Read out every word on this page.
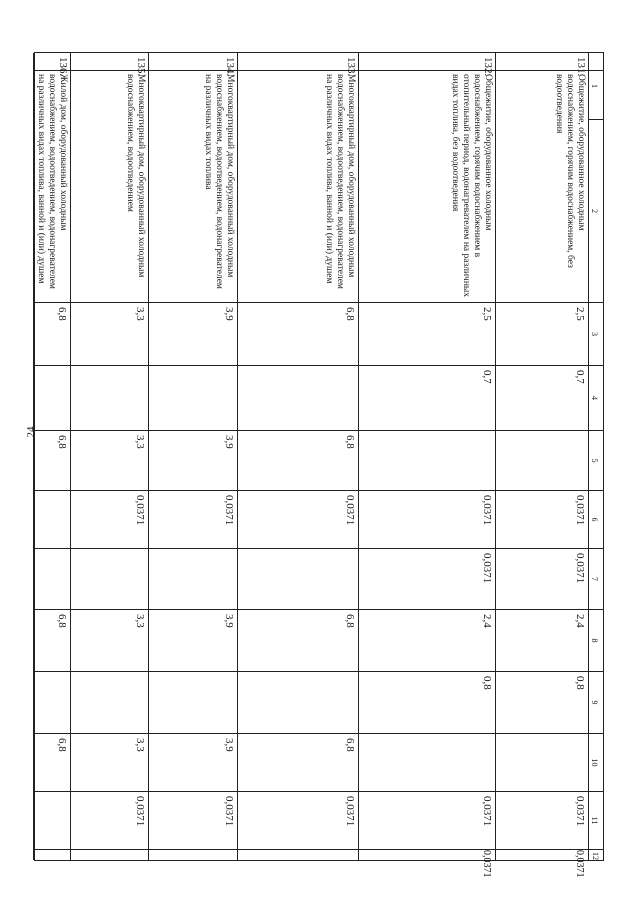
24
1
2
3
4
5
6
7
8
9
10
11
12
131.
Общежитие, оборудованное холодным водоснабжением, горячим водоснабжением, без водоотведения
2,5
0,7
0,0371
0,0371
2,4
0,8
0,0371
0,0371
132.
Общежитие, оборудованное холодным водоснабжением, горячим водоснабжением в отопительный период, водонагревателем на различных видах топлива, без водоотведения
2,5
0,7
0,0371
0,0371
2,4
0,8
0,0371
0,0371
133.
Многоквартирный дом, оборудованный холодным водоснабжением, водоотведением, водонагревателем на различных видах топлива, ванной и (или) душем
6,8
6,8
0,0371
6,8
6,8
0,0371
134.
Многоквартирный дом, оборудованный холодным водоснабжением, водоотведением, водонагревателем на различных видах топлива
3,9
3,9
0,0371
3,9
3,9
0,0371
135.
Многоквартирный дом, оборудованный холодным водоснабжением, водоотведением
3,3
3,3
0,0371
3,3
3,3
0,0371
136.
Жилой дом, оборудованный холодным водоснабжением, водоотведением, водонагревателем на различных видах топлива, ванной и (или) душем
6,8
6,8
6,8
6,8
